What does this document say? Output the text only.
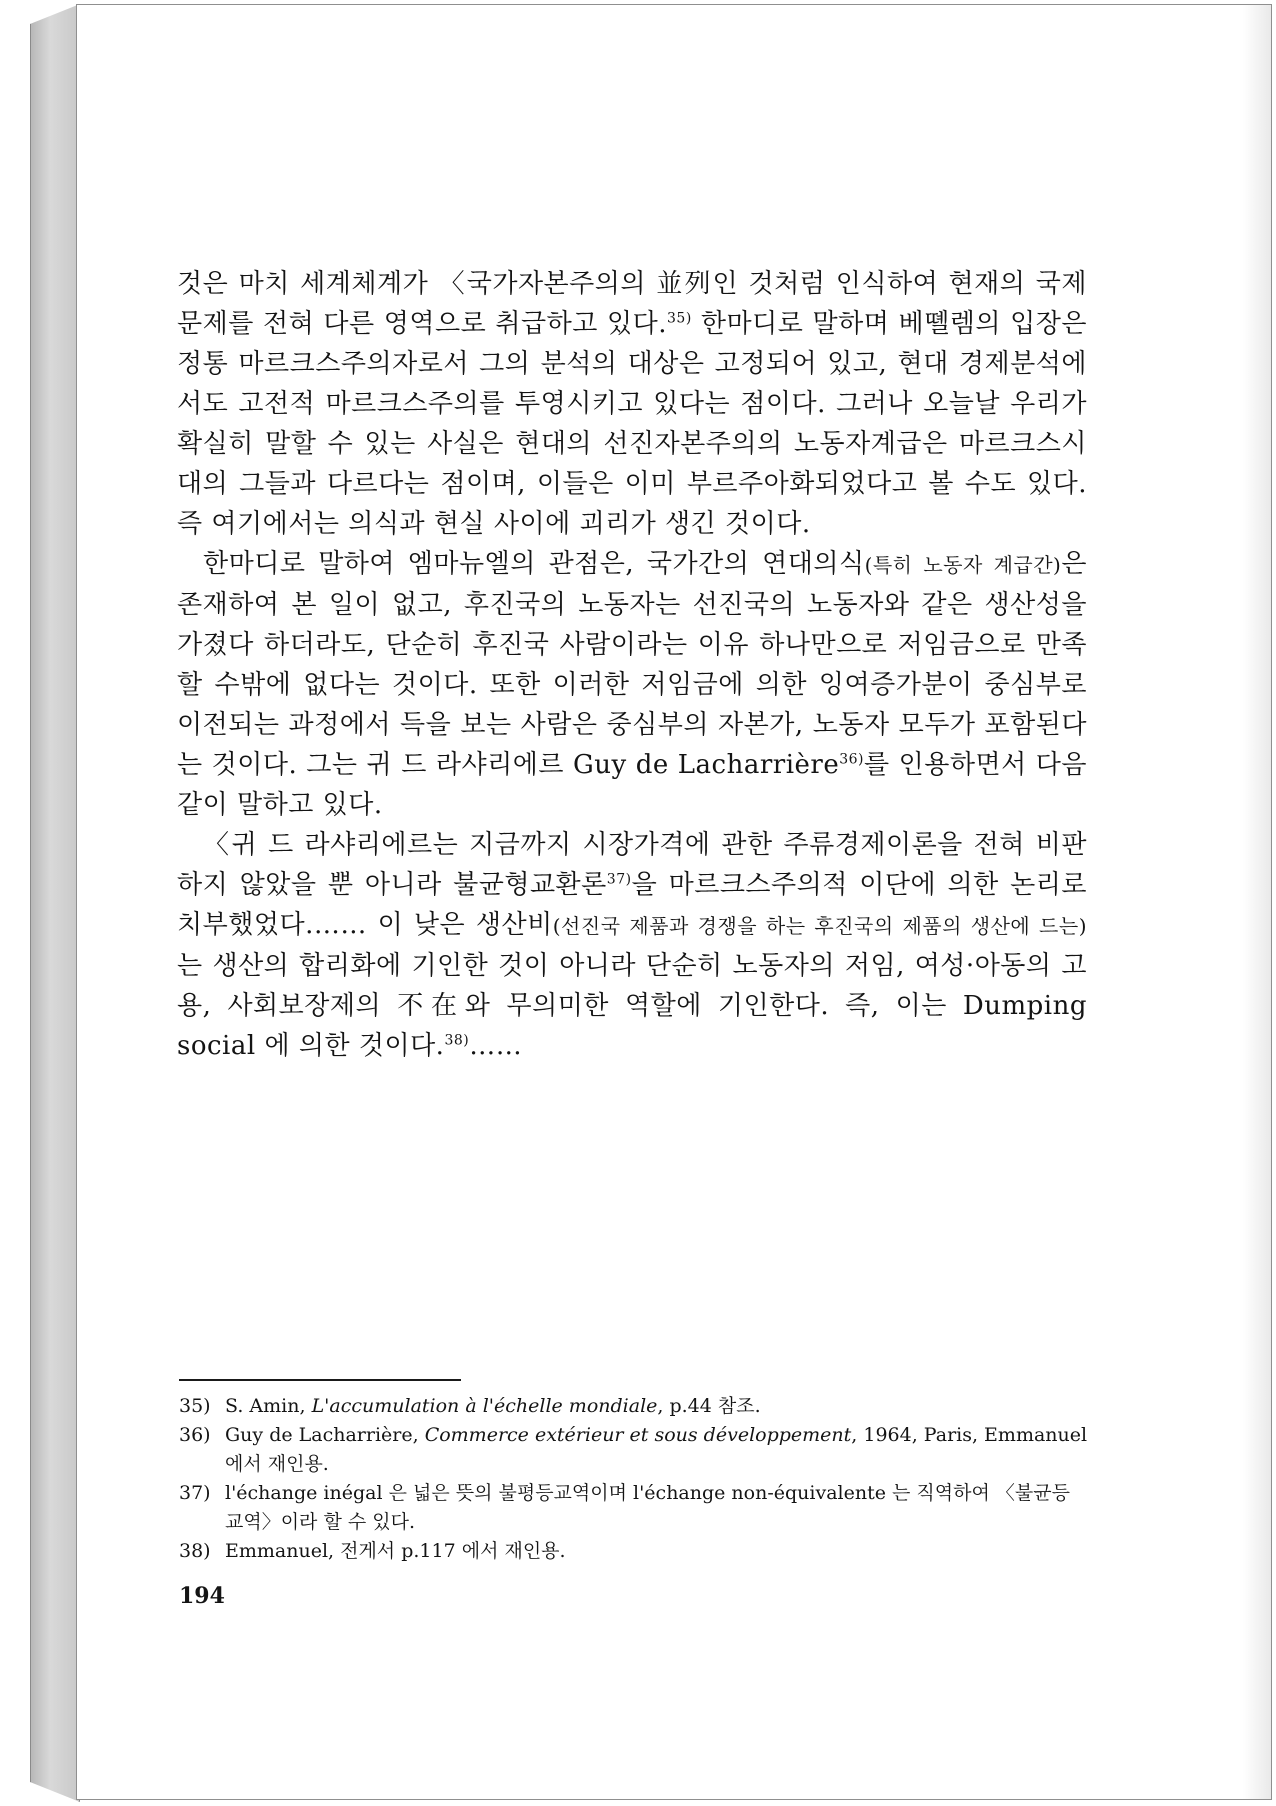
것은 마치 세계체계가 〈국가자본주의의 並列인 것처럼 인식하여 현재의 국제문제를 전혀 다른 영역으로 취급하고 있다.$^{35)}$ 한마디로 말하며 베뗼렘의 입장은 정통 마르크스주의자로서 그의 분석의 대상은 고정되어 있고, 현대 경제분석에서도 고전적 마르크스주의를 투영시키고 있다는 점이다. 그러나 오늘날 우리가 확실히 말할 수 있는 사실은 현대의 선진자본주의의 노동자계급은 마르크스시대의 그들과 다르다는 점이며, 이들은 이미 부르주아화되었다고 볼 수도 있다. 즉 여기에서는 의식과 현실 사이에 괴리가 생긴 것이다.

한마디로 말하여 엠마뉴엘의 관점은, 국가간의 연대의식(특히 노동자 계급간)은 존재하여 본 일이 없고, 후진국의 노동자는 선진국의 노동자와 같은 생산성을 가졌다 하더라도, 단순히 후진국 사람이라는 이유 하나만으로 저임금으로 만족할 수밖에 없다는 것이다. 또한 이러한 저임금에 의한 잉여증가분이 중심부로 이전되는 과정에서 득을 보는 사람은 중심부의 자본가, 노동자 모두가 포함된다는 것이다. 그는 귀 드 라샤리에르 Guy de Lacharrière$^{36)}$를 인용하면서 다음같이 말하고 있다.

〈귀 드 라샤리에르는 지금까지 시장가격에 관한 주류경제이론을 전혀 비판하지 않았을 뿐 아니라 불균형교환론$^{37)}$을 마르크스주의적 이단에 의한 논리로 치부했었다.…… 이 낮은 생산비(선진국 제품과 경쟁을 하는 후진국의 제품의 생산에 드는)는 생산의 합리화에 기인한 것이 아니라 단순히 노동자의 저임, 여성·아동의 고용, 사회보장제의 不在와 무의미한 역할에 기인한다. 즉, 이는 Dumping social 에 의한 것이다.$^{38)}$……

35) S. Amin, L'accumulation à l'échelle mondiale, p.44 참조.
36) Guy de Lacharrière, Commerce extérieur et sous développement, 1964, Paris, Emmanuel 에서 재인용.
37) l'échange inégal 은 넓은 뜻의 불평등교역이며 l'échange non-équivalente 는 직역하여 〈불균등 교역〉이라 할 수 있다.
38) Emmanuel, 전게서 p.117 에서 재인용.
194
